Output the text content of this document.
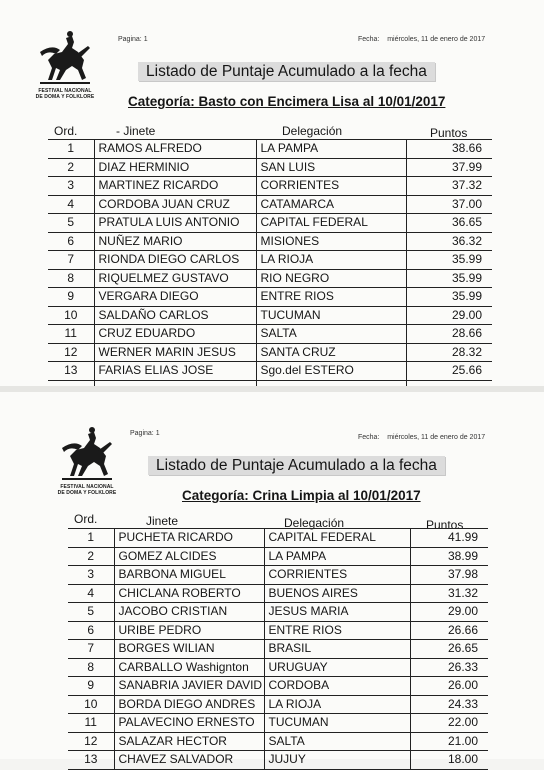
FESTIVAL NACIONAL
DE DOMA Y FOLKLORE
Pagina: 1	Fecha: miércoles, 11 de enero de 2017
Listado de Puntaje Acumulado a la fecha
Categoría: Basto con Encimera Lisa al 10/01/2017
Ord.	- Jinete	Delegación	Puntos
1	RAMOS ALFREDO	LA PAMPA	38.66
2	DIAZ HERMINIO	SAN LUIS	37.99
3	MARTINEZ RICARDO	CORRIENTES	37.32
4	CORDOBA JUAN CRUZ	CATAMARCA	37.00
5	PRATULA LUIS ANTONIO	CAPITAL FEDERAL	36.65
6	NUÑEZ MARIO	MISIONES	36.32
7	RIONDA DIEGO CARLOS	LA RIOJA	35.99
8	RIQUELMEZ GUSTAVO	RIO NEGRO	35.99
9	VERGARA DIEGO	ENTRE RIOS	35.99
10	SALDAÑO CARLOS	TUCUMAN	29.00
11	CRUZ EDUARDO	SALTA	28.66
12	WERNER MARIN JESUS	SANTA CRUZ	28.32
13	FARIAS ELIAS JOSE	Sgo.del ESTERO	25.66

FESTIVAL NACIONAL
DE DOMA Y FOLKLORE
Pagina: 1
Fecha: miércoles, 11 de enero de 2017
Listado de Puntaje Acumulado a la fecha
Categoría: Crina Limpia al 10/01/2017
Ord.	Jinete	Delegación	Puntos
1	PUCHETA RICARDO	CAPITAL FEDERAL	41.99
2	GOMEZ ALCIDES	LA PAMPA	38.99
3	BARBONA MIGUEL	CORRIENTES	37.98
4	CHICLANA ROBERTO	BUENOS AIRES	31.32
5	JACOBO CRISTIAN	JESUS MARIA	29.00
6	URIBE PEDRO	ENTRE RIOS	26.66
7	BORGES WILIAN	BRASIL	26.65
8	CARBALLO Washignton	URUGUAY	26.33
9	SANABRIA JAVIER DAVID	CORDOBA	26.00
10	BORDA DIEGO ANDRES	LA RIOJA	24.33
11	PALAVECINO ERNESTO	TUCUMAN	22.00
12	SALAZAR HECTOR	SALTA	21.00
13	CHAVEZ SALVADOR	JUJUY	18.00
